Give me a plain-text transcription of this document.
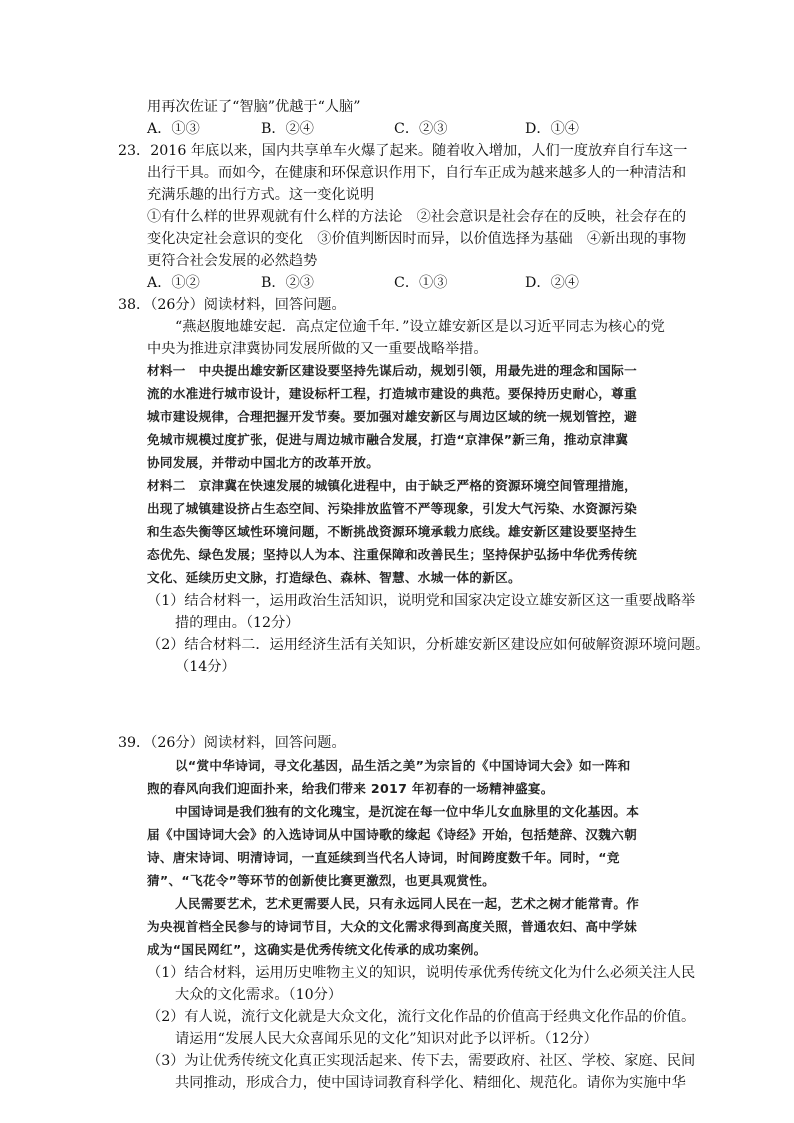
用再次佐证了“智脑”优越于“人脑”
A．①③	B．②④	C．②③	D．①④
23．2016 年底以来，国内共享单车火爆了起来。随着收入增加，人们一度放弃自行车这一
出行干具。而如今，在健康和环保意识作用下，自行车正成为越来越多人的一种清洁和
充满乐趣的出行方式。这一变化说明
①有什么样的世界观就有什么样的方法论　②社会意识是社会存在的反映，社会存在的
变化决定社会意识的变化　③价值判断因时而异，以价值选择为基础　④新出现的事物
更符合社会发展的必然趋势
A．①②	B．②③	C．①③	D．②④
38．（26分）阅读材料，回答问题。
“燕赵腹地雄安起．高点定位逾千年．”设立雄安新区是以习近平同志为核心的党
中央为推进京津冀协同发展所做的又一重要战略举措。
材料一　中央提出雄安新区建设要坚持先谋后动，规划引领，用最先进的理念和国际一
流的水准进行城市设计，建设标杆工程，打造城市建设的典范。要保持历史耐心，尊重
城市建设规律，合理把握开发节奏。要加强对雄安新区与周边区域的统一规划管控，避
免城市规模过度扩张，促进与周边城市融合发展，打造“京津保”新三角，推动京津冀
协同发展，并带动中国北方的改革开放。
材料二　京津冀在快速发展的城镇化进程中，由于缺乏严格的资源环境空间管理措施，
出现了城镇建设挤占生态空间、污染排放监管不严等现象，引发大气污染、水资源污染
和生态失衡等区域性环境问题，不断挑战资源环境承载力底线。雄安新区建设要坚持生
态优先、绿色发展；坚持以人为本、注重保障和改善民生；坚持保护弘扬中华优秀传统
文化、延续历史文脉，打造绿色、森林、智慧、水城一体的新区。
（1）结合材料一，运用政治生活知识，说明党和国家决定设立雄安新区这一重要战略举
措的理由。（12分）
（2）结合材料二．运用经济生活有关知识，分析雄安新区建设应如何破解资源环境问题。
（14分）
39．（26分）阅读材料，回答问题。
以“赏中华诗词，寻文化基因，品生活之美”为宗旨的《中国诗词大会》如一阵和
煦的春风向我们迎面扑来，给我们带来 2017 年初春的一场精神盛宴。
中国诗词是我们独有的文化瑰宝，是沉淀在每一位中华儿女血脉里的文化基因。本
届《中国诗词大会》的入选诗词从中国诗歌的缘起《诗经》开始，包括楚辞、汉魏六朝
诗、唐宋诗词、明清诗词，一直延续到当代名人诗词，时间跨度数千年。同时，“竞
猜”、“飞花令”等环节的创新使比赛更激烈，也更具观赏性。
人民需要艺术，艺术更需要人民，只有永远同人民在一起，艺术之树才能常青。作
为央视首档全民参与的诗词节目，大众的文化需求得到高度关照，普通农妇、高中学妹
成为“国民网红”，这确实是优秀传统文化传承的成功案例。
（1）结合材料，运用历史唯物主义的知识，说明传承优秀传统文化为什么必须关注人民
大众的文化需求。（10分）
（2）有人说，流行文化就是大众文化，流行文化作品的价值高于经典文化作品的价值。
请运用“发展人民大众喜闻乐见的文化”知识对此予以评析。（12分）
（3）为让优秀传统文化真正实现活起来、传下去，需要政府、社区、学校、家庭、民间
共同推动，形成合力，使中国诗词教育科学化、精细化、规范化。请你为实施中华
